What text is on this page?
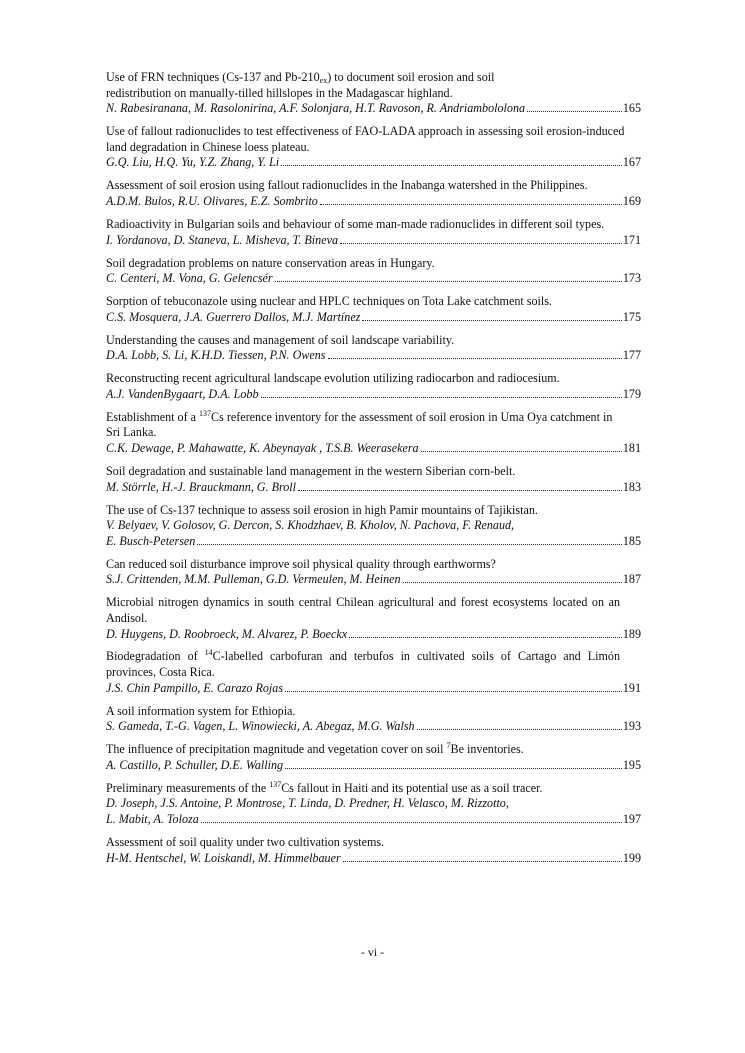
Use of FRN techniques (Cs-137 and $Pb-210_{ex}$) to document soil erosion and soil redistribution on manually-tilled hillslopes in the Madagascar highland.

N. Rabesiranana, M. Rasolonirina, A.F. Solonjara, H.T. Ravoson, R. Andriambololona	165

Use of fallout radionuclides to test effectiveness of FAO-LADA approach in assessing soil erosion-induced land degradation in Chinese loess plateau.

G.Q. Liu, H.Q. Yu, Y.Z. Zhang, Y. Li	167

Assessment of soil erosion using fallout radionuclides in the Inabanga watershed in the Philippines.

A.D.M. Bulos, R.U. Olivares, E.Z. Sombrito	169

Radioactivity in Bulgarian soils and behaviour of some man-made radionuclides in different soil types.

I. Yordanova, D. Staneva, L. Misheva, T. Bineva	171

Soil degradation problems on nature conservation areas in Hungary.

C. Centeri, M. Vona, G. Gelencsér	173

Sorption of tebuconazole using nuclear and HPLC techniques on Tota Lake catchment soils.

C.S. Mosquera, J.A. Guerrero Dallos, M.J. Martínez	175

Understanding the causes and management of soil landscape variability.

D.A. Lobb, S. Li, K.H.D. Tiessen, P.N. Owens	177

Reconstructing recent agricultural landscape evolution utilizing radiocarbon and radiocesium.

A.J. VandenBygaart, D.A. Lobb	179

Establishment of a $^{137}$Cs reference inventory for the assessment of soil erosion in Uma Oya catchment in Sri Lanka.

C.K. Dewage, P. Mahawatte, K. Abeynayak , T.S.B. Weerasekera	181

Soil degradation and sustainable land management in the western Siberian corn-belt.

M. Störrle, H.-J. Brauckmann, G. Broll	183

The use of Cs-137 technique to assess soil erosion in high Pamir mountains of Tajikistan.

V. Belyaev, V. Golosov, G. Dercon, S. Khodzhaev, B. Kholov, N. Pachova, F. Renaud,
E. Busch-Petersen	185

Can reduced soil disturbance improve soil physical quality through earthworms?

S.J. Crittenden, M.M. Pulleman, G.D. Vermeulen, M. Heinen	187

Microbial nitrogen dynamics in south central Chilean agricultural and forest ecosystems located on an Andisol.

D. Huygens, D. Roobroeck, M. Alvarez, P. Boeckx	189

Biodegradation of $^{14}$C-labelled carbofuran and terbufos in cultivated soils of Cartago and Limón provinces, Costa Rica.

J.S. Chin Pampillo, E. Carazo Rojas	191

A soil information system for Ethiopia.

S. Gameda, T.-G. Vagen, L. Winowiecki, A. Abegaz, M.G. Walsh	193

The influence of precipitation magnitude and vegetation cover on soil $^7$Be inventories.

A. Castillo, P. Schuller, D.E. Walling	195

Preliminary measurements of the $^{137}$Cs fallout in Haiti and its potential use as a soil tracer.

D. Joseph, J.S. Antoine, P. Montrose, T. Linda, D. Predner, H. Velasco, M. Rizzotto,
L. Mabit, A. Toloza	197

Assessment of soil quality under two cultivation systems.

H-M. Hentschel, W. Loiskandl, M. Himmelbauer	199
- vi -
